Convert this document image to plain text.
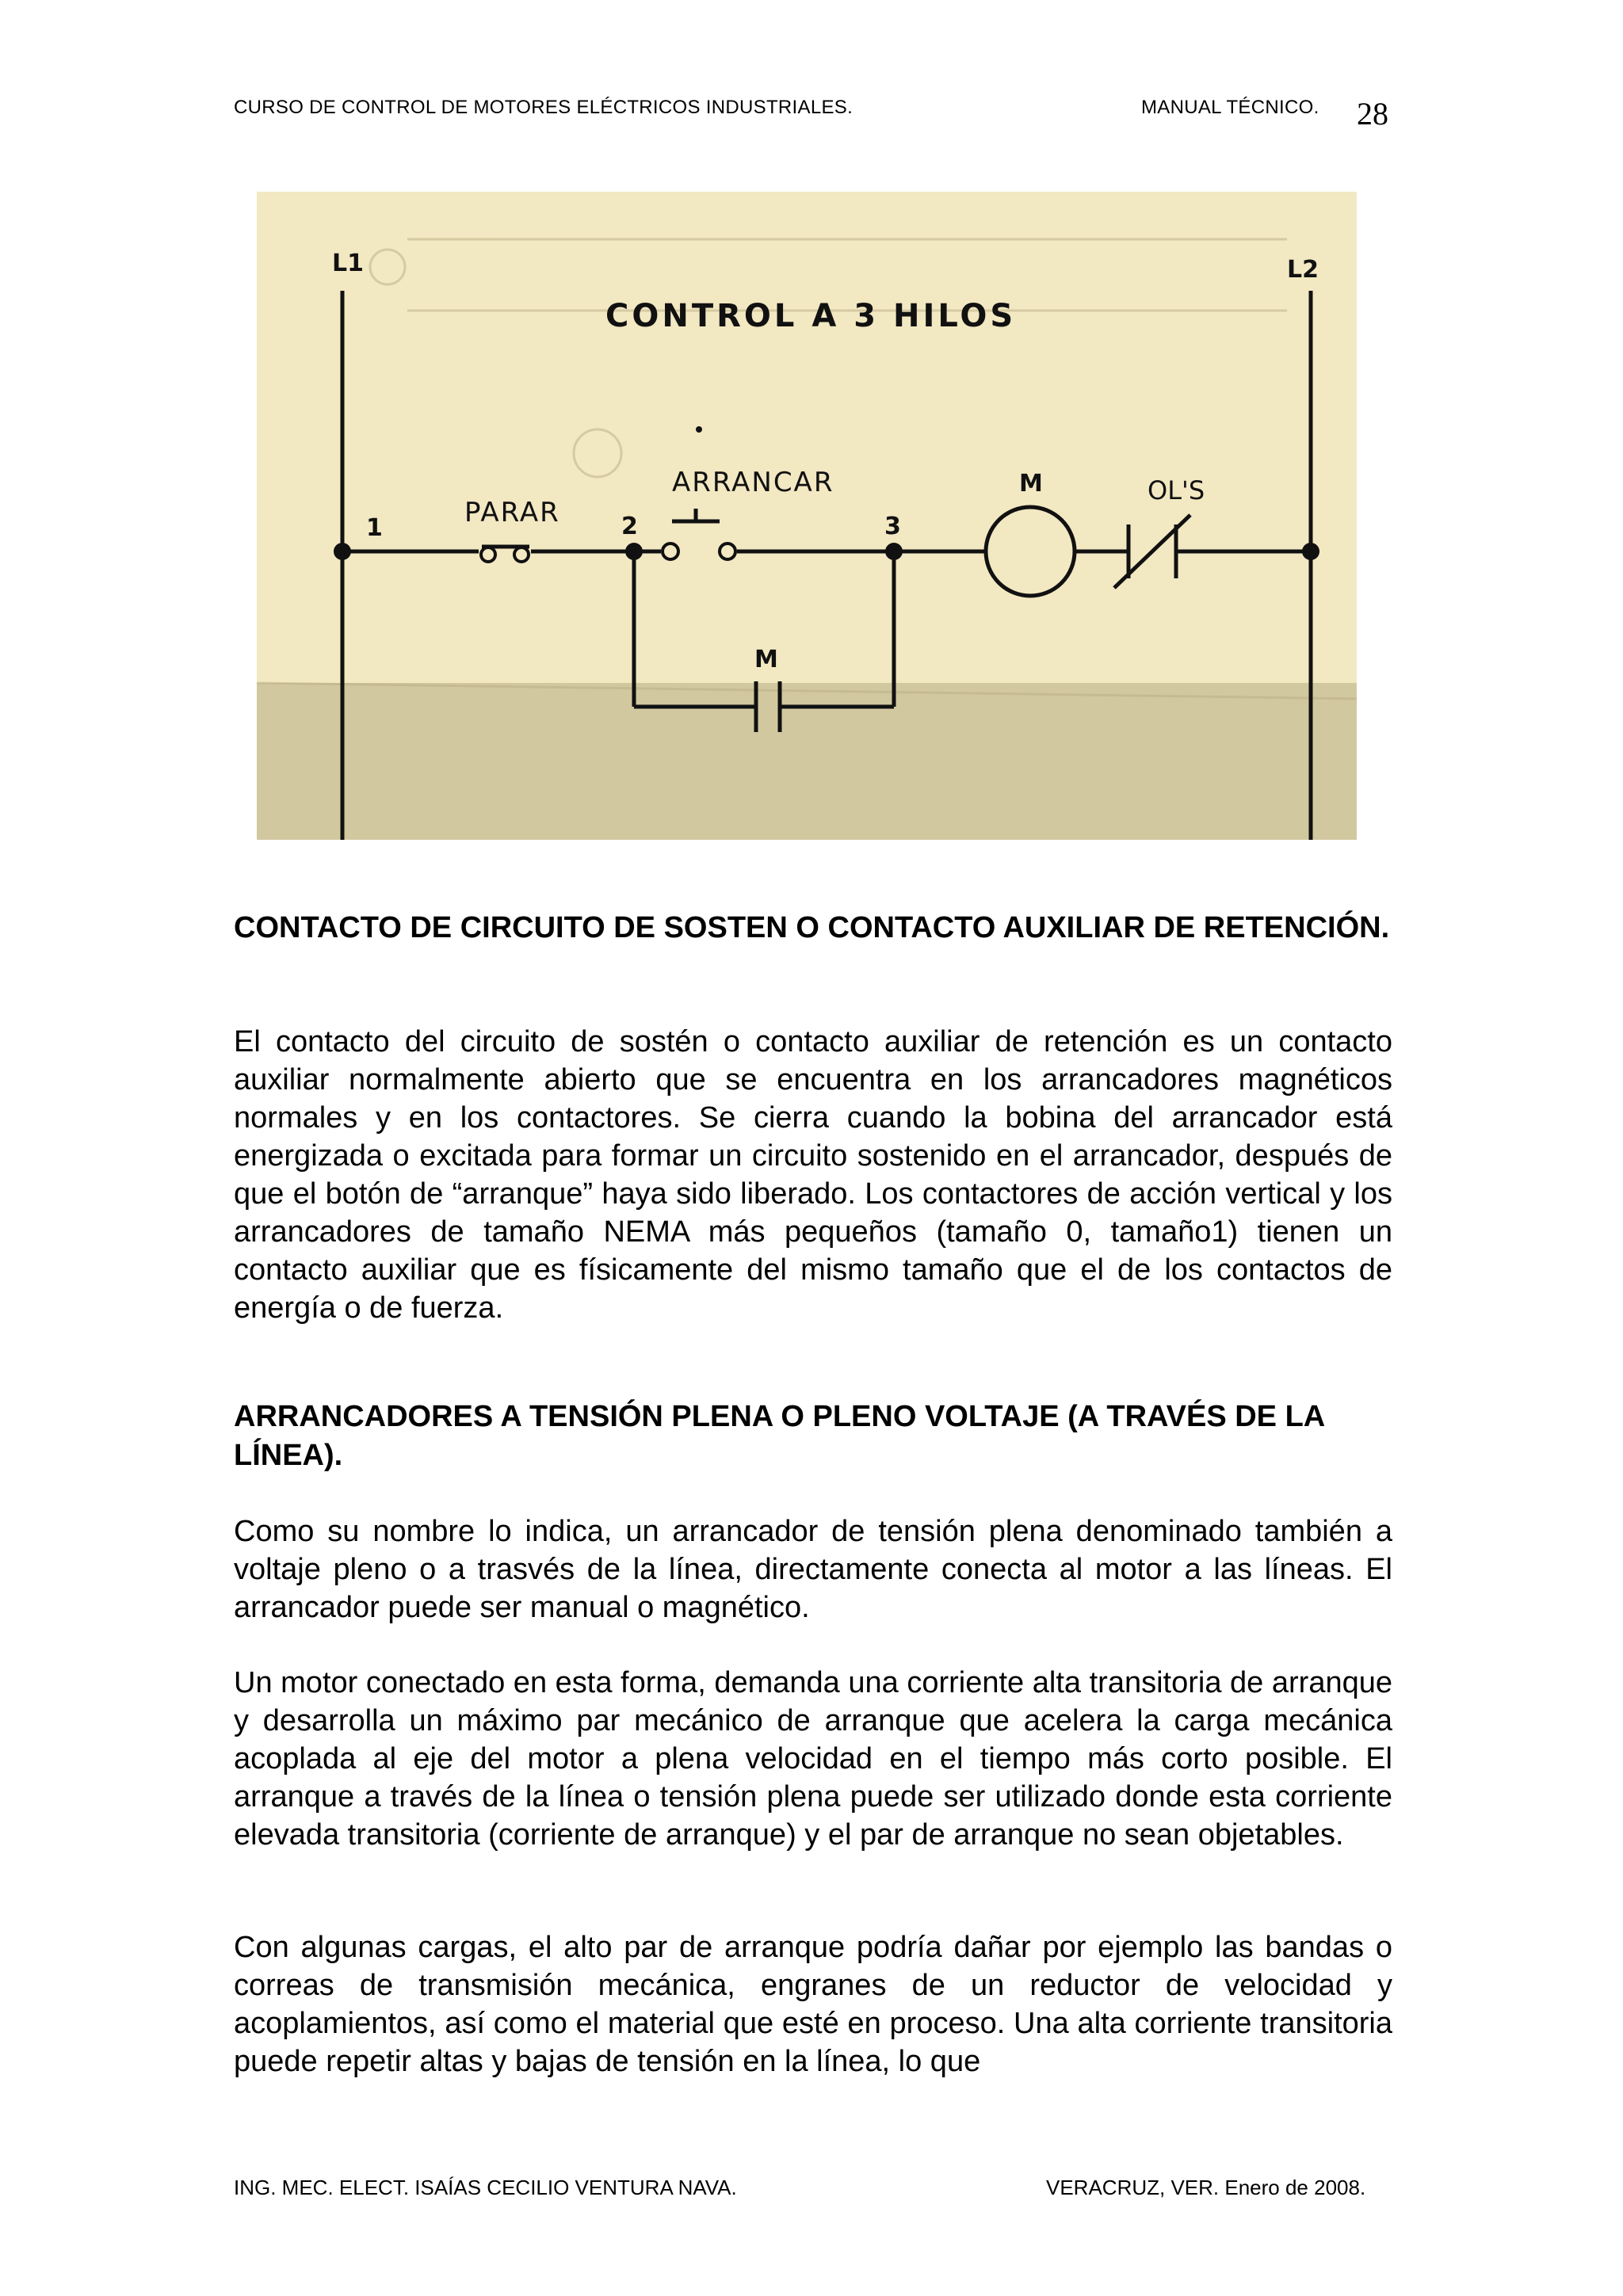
CURSO DE CONTROL DE MOTORES ELÉCTRICOS INDUSTRIALES.	MANUAL TÉCNICO. 28
L1	L2
CONTROL A 3 HILOS
1	2	3
PARAR
ARRANCAR	M	OL'S
M
CONTACTO DE CIRCUITO DE SOSTEN O CONTACTO AUXILIAR DE RETENCIÓN.
El contacto del circuito de sostén o contacto auxiliar de retención es un contacto auxiliar normalmente abierto que se encuentra en los arrancadores magnéticos normales y en los contactores. Se cierra cuando la bobina del arrancador está energizada o excitada para formar un circuito sostenido en el arrancador, después de que el botón de “arranque” haya sido liberado. Los contactores de acción vertical y los arrancadores de tamaño NEMA más pequeños (tamaño 0, tamaño1) tienen un contacto auxiliar que es físicamente del mismo tamaño que el de los contactos de energía o de fuerza.
ARRANCADORES A TENSIÓN PLENA O PLENO VOLTAJE (A TRAVÉS DE LA LÍNEA).
Como su nombre lo indica, un arrancador de tensión plena denominado también a voltaje pleno o a trasvés de la línea, directamente conecta al motor a las líneas. El arrancador puede ser manual o magnético.
Un motor conectado en esta forma, demanda una corriente alta transitoria de arranque y desarrolla un máximo par mecánico de arranque que acelera la carga mecánica acoplada al eje del motor a plena velocidad en el tiempo más corto posible. El arranque a través de la línea o tensión plena puede ser utilizado donde esta corriente elevada transitoria (corriente de arranque) y el par de arranque no sean objetables.
Con algunas cargas, el alto par de arranque podría dañar por ejemplo las bandas o correas de transmisión mecánica, engranes de un reductor de velocidad y acoplamientos, así como el material que esté en proceso. Una alta corriente transitoria puede repetir altas y bajas de tensión en la línea, lo que
ING. MEC. ELECT. ISAÍAS CECILIO VENTURA NAVA.	VERACRUZ, VER. Enero de 2008.
